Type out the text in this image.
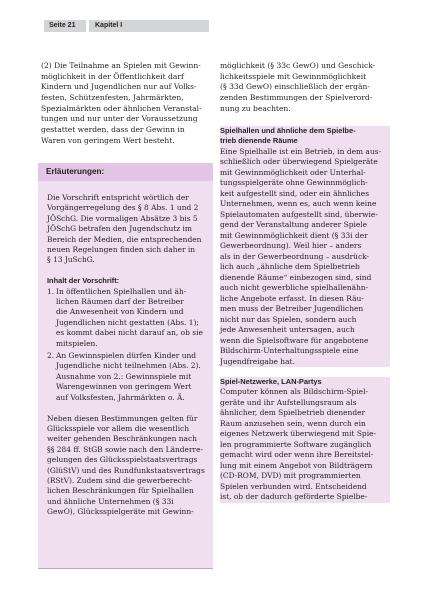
Seite 21	Kapitel I
(2) Die Teilnahme an Spielen mit Gewinn-
möglichkeit in der Öffentlichkeit darf
Kindern und Jugendlichen nur auf Volks-
festen, Schützenfesten, Jahrmärkten,
Spezialmärkten oder ähnlichen Veranstal-
tungen und nur unter der Voraussetzung
gestattet werden, dass der Gewinn in
Waren von geringem Wert besteht.
möglichkeit (§ 33c GewO) und Geschick-
lichkeitsspiele mit Gewinnmöglichkeit
(§ 33d GewO) einschließlich der ergän-
zenden Bestimmungen der Spielverord-
nung zu beachten.
Erläuterungen:
Die Vorschrift entspricht wörtlich der
Vorgängerregelung des § 8 Abs. 1 und 2
JÖSchG. Die vormaligen Absätze 3 bis 5
JÖSchG betrafen den Jugendschutz im
Bereich der Medien, die entsprechenden
neuen Regelungen finden sich daher in
§ 13 JuSchG.
Inhalt der Vorschrift:
1. In öffentlichen Spielhallen und äh-
lichen Räumen darf der Betreiber
die Anwesenheit von Kindern und
Jugendlichen nicht gestatten (Abs. 1);
es kommt dabei nicht darauf an, ob sie
mitspielen.
2. An Gewinnspielen dürfen Kinder und
Jugendliche nicht teilnehmen (Abs. 2).
Ausnahme von 2.: Gewinnspiele mit
Warengewinnen von geringem Wert
auf Volksfesten, Jahrmärkten o. Ä.
Neben diesen Bestimmungen gelten für
Glücksspiele vor allem die wesentlich
weiter gehenden Beschränkungen nach
§§ 284 ff. StGB sowie nach den Länderre-
gelungen des Glücksspielstaatsvertrags
(GlüStV) und des Rundfunkstaatsvertrags
(RStV). Zudem sind die gewerberecht-
lichen Beschränkungen für Spielhallen
und ähnliche Unternehmen (§ 33i
GewO), Glücksspielgeräte mit Gewinn-
Spielhallen und ähnliche dem Spielbe-
trieb dienende Räume
Eine Spielhalle ist ein Betrieb, in dem aus-
schließlich oder überwiegend Spielgeräte
mit Gewinnmöglichkeit oder Unterhal-
tungsspielgeräte ohne Gewinnmöglich-
keit aufgestellt sind, oder ein ähnliches
Unternehmen, wenn es, auch wenn keine
Spielautomaten aufgestellt sind, überwie-
gend der Veranstaltung anderer Spiele
mit Gewinnmöglichkeit dient (§ 33i der
Gewerbeordnung). Weil hier – anders
als in der Gewerbeordnung – ausdrück-
lich auch „ähnliche dem Spielbetrieb
dienende Räume“ einbezogen sind, sind
auch nicht gewerbliche spielhallenähn-
liche Angebote erfasst. In diesen Räu-
men muss der Betreiber Jugendlichen
nicht nur das Spielen, sondern auch
jede Anwesenheit untersagen, auch
wenn die Spielsoftware für angebotene
Bildschirm-Unterhaltungsspiele eine
Jugendfreigabe hat.
Spiel-Netzwerke, LAN-Partys
Computer können als Bildschirm-Spiel-
geräte und ihr Aufstellungsraum als
ähnlicher, dem Spielbetrieb dienender
Raum anzusehen sein, wenn durch ein
eigenes Netzwerk überwiegend mit Spie-
len programmierte Software zugänglich
gemacht wird oder wenn ihre Bereitstel-
lung mit einem Angebot von Bildträgern
(CD-ROM, DVD) mit programmierten
Spielen verbunden wird. Entscheidend
ist, ob der dadurch geförderte Spielbe-
